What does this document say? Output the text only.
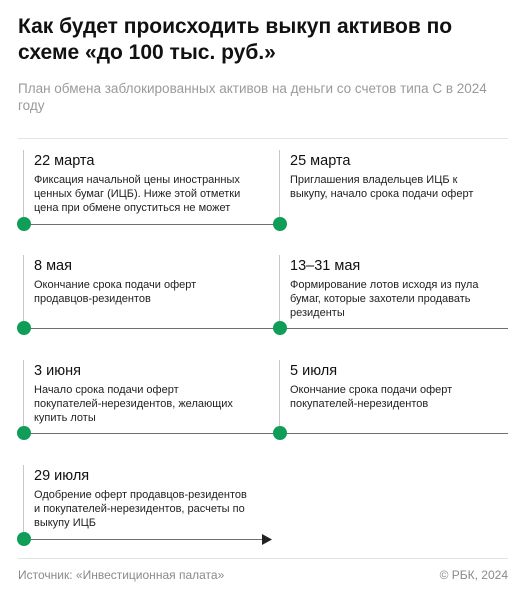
Как будет происходить выкуп активов по схеме «до 100 тыс. руб.»
План обмена заблокированных активов на деньги со счетов типа С в 2024 году
22 марта
Фиксация начальной цены иностранных ценных бумаг (ИЦБ). Ниже этой отметки цена при обмене опуститься не может
25 марта
Приглашения владельцев ИЦБ к выкупу, начало срока подачи оферт
8 мая
Окончание срока подачи оферт продавцов-резидентов
13–31 мая
Формирование лотов исходя из пула бумаг, которые захотели продавать резиденты
3 июня
Начало срока подачи оферт покупателей-нерезидентов, желающих купить лоты
5 июля
Окончание срока подачи оферт покупателей-нерезидентов
29 июля
Одобрение оферт продавцов-резидентов и покупателей-нерезидентов, расчеты по выкупу ИЦБ
Источник: «Инвестиционная палата»	© РБК, 2024
